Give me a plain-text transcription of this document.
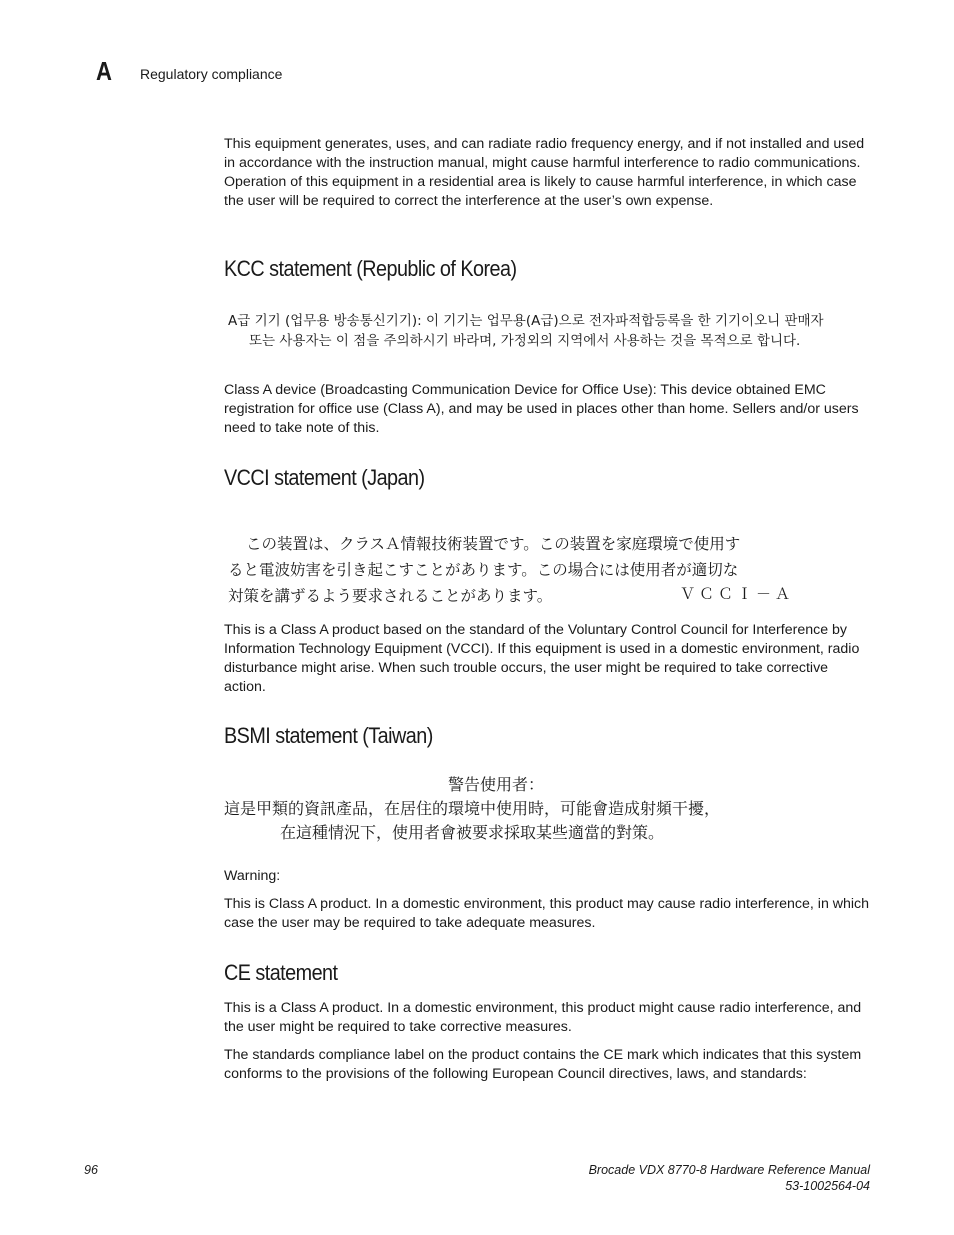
A Regulatory compliance

This equipment generates, uses, and can radiate radio frequency energy, and if not installed and used in accordance with the instruction manual, might cause harmful interference to radio communications. Operation of this equipment in a residential area is likely to cause harmful interference, in which case the user will be required to correct the interference at the user’s own expense.

KCC statement (Republic of Korea)
A급 기기 (업무용 방송통신기기): 이 기기는 업무용(A급)으로 전자파적합등록을 한 기기이오니 판매자
또는 사용자는 이 점을 주의하시기 바라며, 가정외의 지역에서 사용하는 것을 목적으로 합니다.

Class A device (Broadcasting Communication Device for Office Use): This device obtained EMC registration for office use (Class A), and may be used in places other than home. Sellers and/or users need to take note of this.

VCCI statement (Japan)
この装置は、クラスＡ情報技術装置です。この装置を家庭環境で使用す
ると電波妨害を引き起こすことがあります。この場合には使用者が適切な
対策を講ずるよう要求されることがあります。	ＶＣＣＩ－Ａ

This is a Class A product based on the standard of the Voluntary Control Council for Interference by Information Technology Equipment (VCCI). If this equipment is used in a domestic environment, radio disturbance might arise. When such trouble occurs, the user might be required to take corrective action.

BSMI statement (Taiwan)
警告使用者：
這是甲類的資訊產品，在居住的環境中使用時，可能會造成射頻干擾，
在這種情況下，使用者會被要求採取某些適當的對策。

Warning:

This is Class A product. In a domestic environment, this product may cause radio interference, in which case the user may be required to take adequate measures.

CE statement

This is a Class A product. In a domestic environment, this product might cause radio interference, and the user might be required to take corrective measures.

The standards compliance label on the product contains the CE mark which indicates that this system conforms to the provisions of the following European Council directives, laws, and standards:

96	Brocade VDX 8770-8 Hardware Reference Manual
53-1002564-04
